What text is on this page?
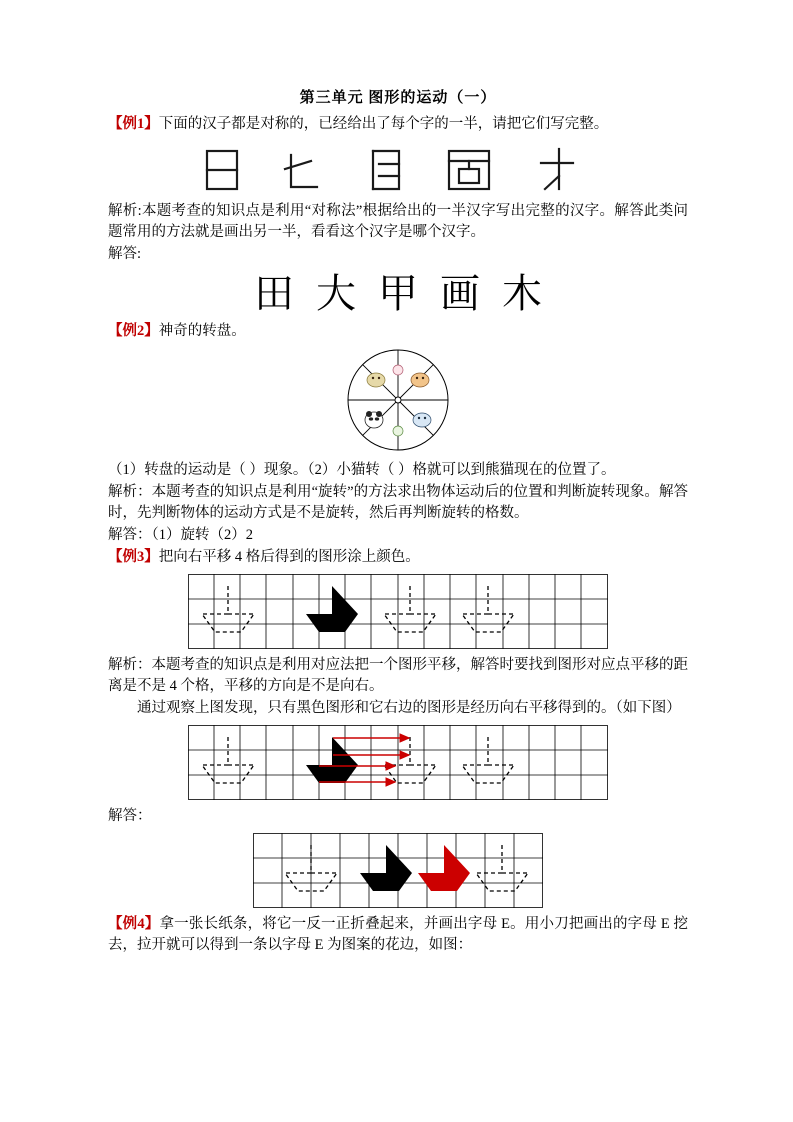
第三单元 图形的运动（一）

【例1】下面的汉子都是对称的，已经给出了每个字的一半，请把它们写完整。

解析:本题考查的知识点是利用“对称法”根据给出的一半汉字写出完整的汉字。解答此类问题常用的方法就是画出另一半，看看这个汉字是哪个汉字。

解答:

田 大 甲 画 木

【例2】神奇的转盘。

（1）转盘的运动是（ ）现象。（2）小猫转（ ）格就可以到熊猫现在的位置了。

解析：本题考查的知识点是利用“旋转”的方法求出物体运动后的位置和判断旋转现象。解答时，先判断物体的运动方式是不是旋转，然后再判断旋转的格数。

解答：（1）旋转（2）2

【例3】把向右平移 4 格后得到的图形涂上颜色。

解析：本题考查的知识点是利用对应法把一个图形平移，解答时要找到图形对应点平移的距离是不是 4 个格，平移的方向是不是向右。

通过观察上图发现，只有黑色图形和它右边的图形是经历向右平移得到的。（如下图）

解答：

【例4】拿一张长纸条，将它一反一正折叠起来，并画出字母 E。用小刀把画出的字母 E 挖去，拉开就可以得到一条以字母 E 为图案的花边，如图：
